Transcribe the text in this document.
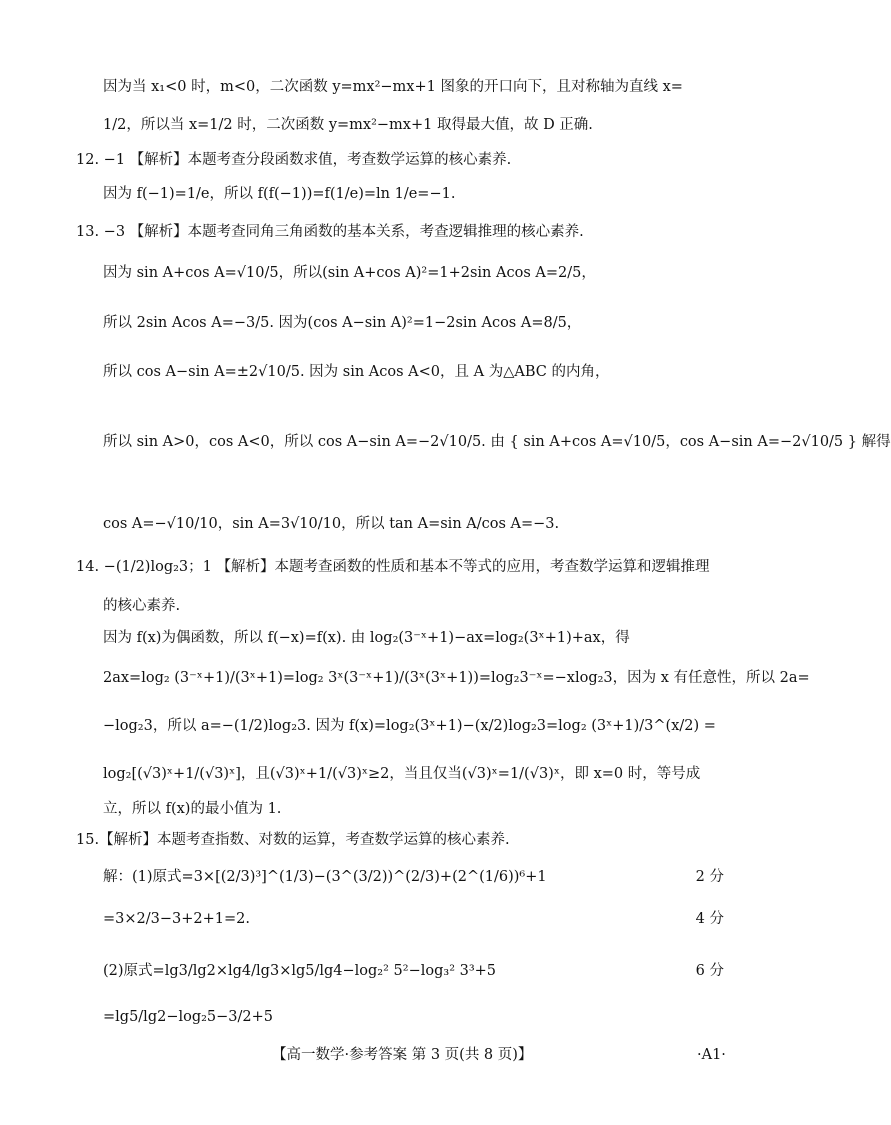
因为当 x₁<0 时，m<0，二次函数 y=mx²−mx+1 图象的开口向下，且对称轴为直线 x=
1/2，所以当 x=1/2 时，二次函数 y=mx²−mx+1 取得最大值，故 D 正确.
12. −1 【解析】本题考查分段函数求值，考查数学运算的核心素养.
因为 f(−1)=1/e，所以 f(f(−1))=f(1/e)=ln 1/e=−1.
13. −3 【解析】本题考查同角三角函数的基本关系，考查逻辑推理的核心素养.
因为 sin A+cos A=√10/5，所以(sin A+cos A)²=1+2sin Acos A=2/5，
所以 2sin Acos A=−3/5. 因为(cos A−sin A)²=1−2sin Acos A=8/5，
所以 cos A−sin A=±2√10/5. 因为 sin Acos A<0，且 A 为△ABC 的内角，
所以 sin A>0，cos A<0，所以 cos A−sin A=−2√10/5. 由 { sin A+cos A=√10/5，cos A−sin A=−2√10/5 } 解得
cos A=−√10/10，sin A=3√10/10，所以 tan A=sin A/cos A=−3.
14. −(1/2)log₂3；1 【解析】本题考查函数的性质和基本不等式的应用，考查数学运算和逻辑推理
的核心素养.
因为 f(x)为偶函数，所以 f(−x)=f(x). 由 log₂(3⁻ˣ+1)−ax=log₂(3ˣ+1)+ax，得
2ax=log₂ (3⁻ˣ+1)/(3ˣ+1)=log₂ 3ˣ(3⁻ˣ+1)/(3ˣ(3ˣ+1))=log₂3⁻ˣ=−xlog₂3，因为 x 有任意性，所以 2a=
−log₂3，所以 a=−(1/2)log₂3. 因为 f(x)=log₂(3ˣ+1)−(x/2)log₂3=log₂ (3ˣ+1)/3^(x/2) =
log₂[(√3)ˣ+1/(√3)ˣ]，且(√3)ˣ+1/(√3)ˣ≥2，当且仅当(√3)ˣ=1/(√3)ˣ，即 x=0 时，等号成
立，所以 f(x)的最小值为 1.
15.【解析】本题考查指数、对数的运算，考查数学运算的核心素养.
解：(1)原式=3×[(2/3)³]^(1/3)−(3^(3/2))^(2/3)+(2^(1/6))⁶+1	2 分
=3×2/3−3+2+1=2.	4 分
(2)原式=lg3/lg2×lg4/lg3×lg5/lg4−log₂² 5²−log₃² 3³+5	6 分
=lg5/lg2−log₂5−3/2+5
【高一数学·参考答案 第 3 页(共 8 页)】	·A1·
